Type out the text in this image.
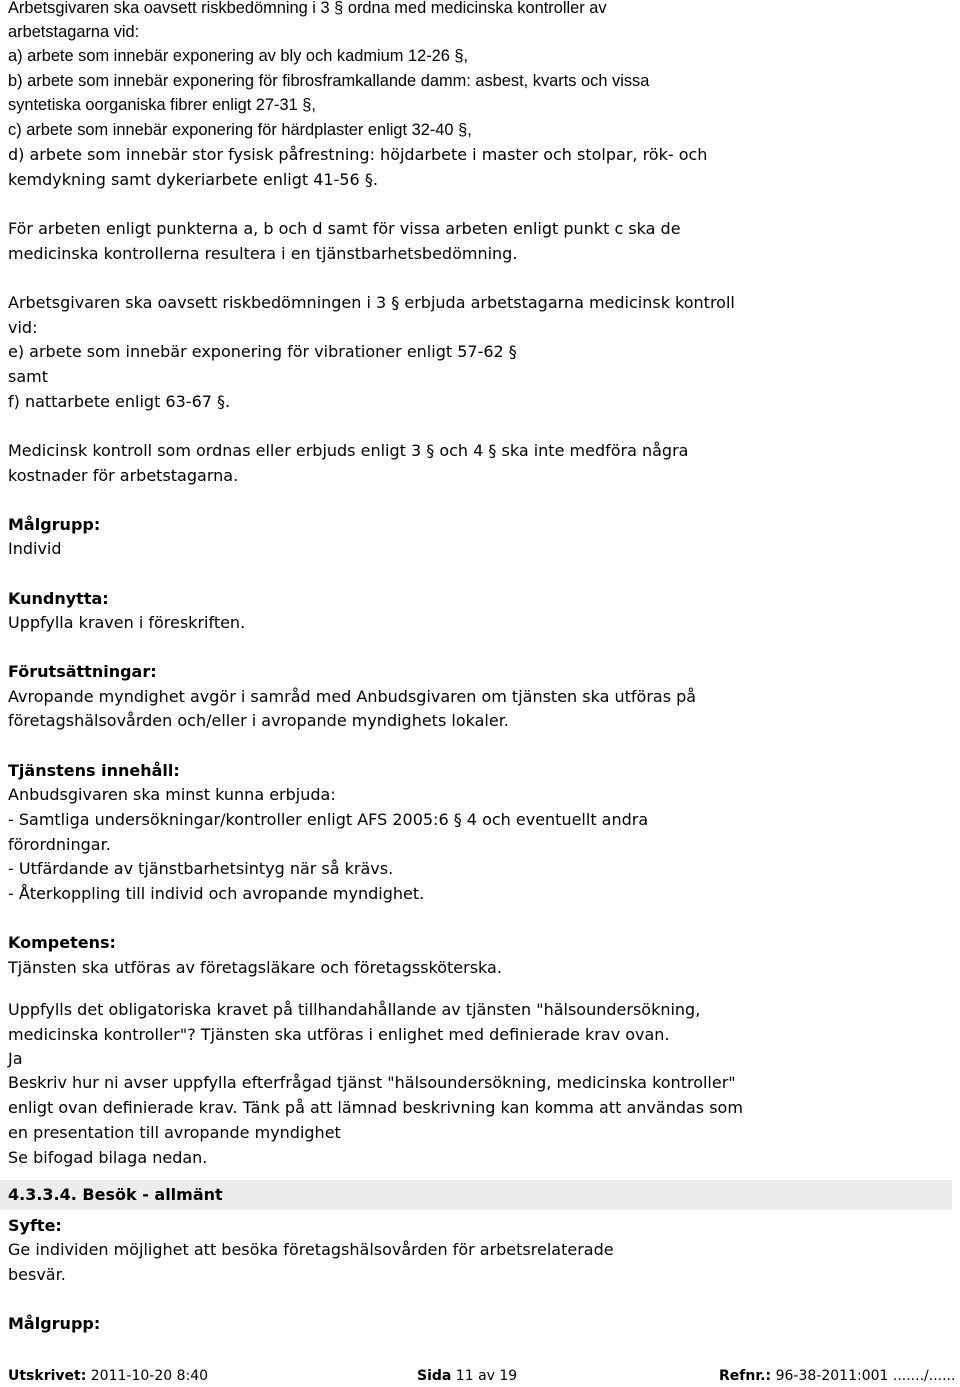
Arbetsgivaren ska oavsett riskbedömning i 3 § ordna med medicinska kontroller av
arbetstagarna vid:
a) arbete som innebär exponering av bly och kadmium 12-26 §,
b) arbete som innebär exponering för fibrosframkallande damm: asbest, kvarts och vissa
syntetiska oorganiska fibrer enligt 27-31 §,
c) arbete som innebär exponering för härdplaster enligt 32-40 §,
d) arbete som innebär stor fysisk påfrestning: höjdarbete i master och stolpar, rök- och
kemdykning samt dykeriarbete enligt 41-56 §.
För arbeten enligt punkterna a, b och d samt för vissa arbeten enligt punkt c ska de
medicinska kontrollerna resultera i en tjänstbarhetsbedömning.
Arbetsgivaren ska oavsett riskbedömningen i 3 § erbjuda arbetstagarna medicinsk kontroll
vid:
e) arbete som innebär exponering för vibrationer enligt 57-62 §
samt
f) nattarbete enligt 63-67 §.
Medicinsk kontroll som ordnas eller erbjuds enligt 3 § och 4 § ska inte medföra några
kostnader för arbetstagarna.
Målgrupp:
Individ
Kundnytta:
Uppfylla kraven i föreskriften.
Förutsättningar:
Avropande myndighet avgör i samråd med Anbudsgivaren om tjänsten ska utföras på
företagshälsovården och/eller i avropande myndighets lokaler.
Tjänstens innehåll:
Anbudsgivaren ska minst kunna erbjuda:
- Samtliga undersökningar/kontroller enligt AFS 2005:6 § 4 och eventuellt andra
förordningar.
- Utfärdande av tjänstbarhetsintyg när så krävs.
- Återkoppling till individ och avropande myndighet.
Kompetens:
Tjänsten ska utföras av företagsläkare och företagssköterska.
Uppfylls det obligatoriska kravet på tillhandahållande av tjänsten "hälsoundersökning,
medicinska kontroller"? Tjänsten ska utföras i enlighet med definierade krav ovan.
Ja
Beskriv hur ni avser uppfylla efterfrågad tjänst "hälsoundersökning, medicinska kontroller"
enligt ovan definierade krav. Tänk på att lämnad beskrivning kan komma att användas som
en presentation till avropande myndighet
Se bifogad bilaga nedan.
Syfte:
Ge individen möjlighet att besöka företagshälsovården för arbetsrelaterade
besvär.
Målgrupp:
4.3.3.4. Besök - allmänt
Utskrivet: 2011-10-20 8:40	Sida 11 av 19	Refnr.: 96-38-2011:001 ......./......
